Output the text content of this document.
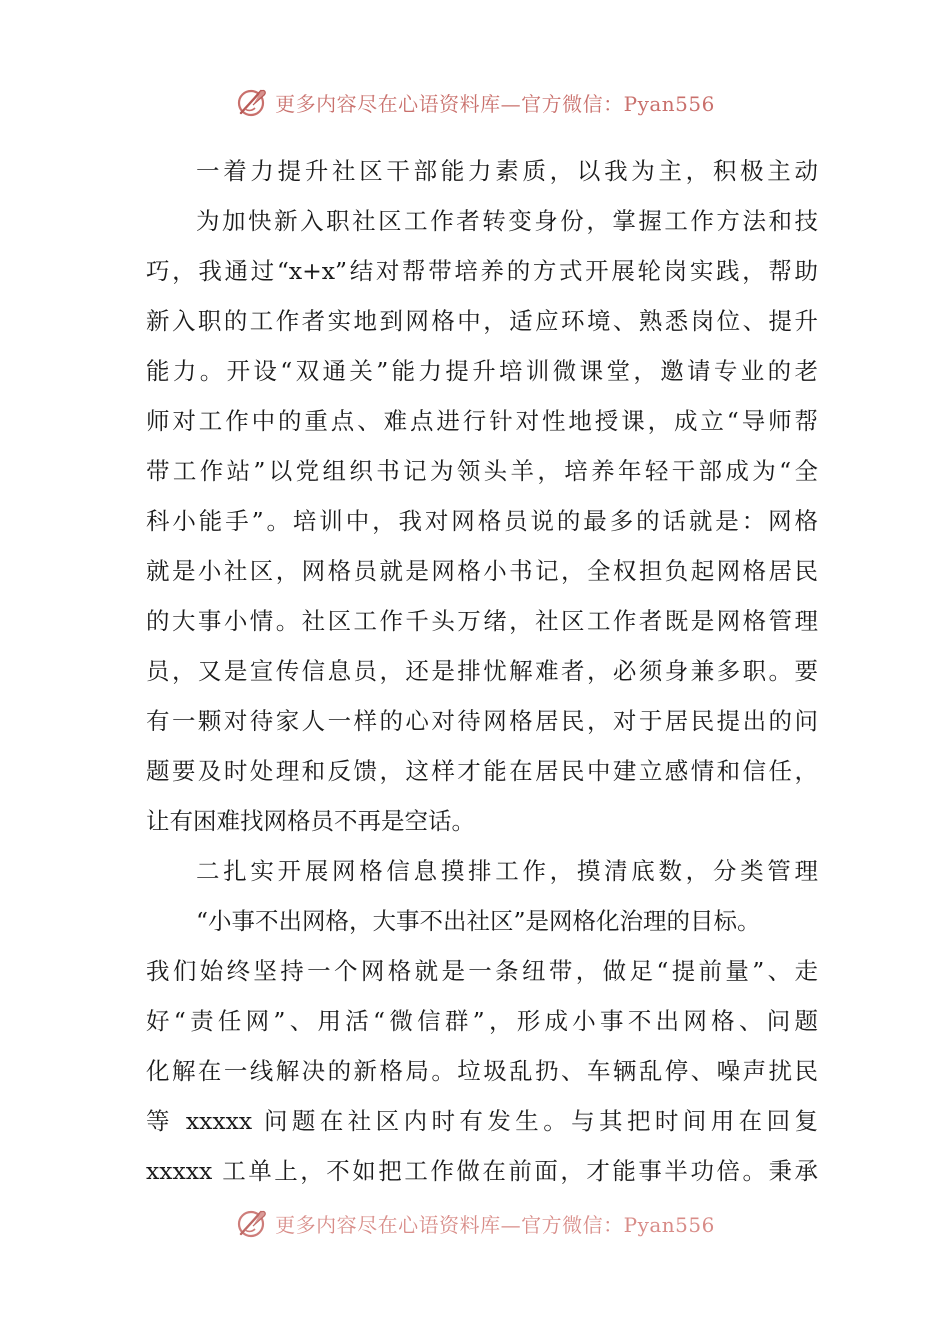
更多内容尽在心语资料库—官方微信：Pyan556
一着力提升社区干部能力素质，以我为主，积极主动
为加快新入职社区工作者转变身份，掌握工作方法和技
巧，我通过“x+x”结对帮带培养的方式开展轮岗实践，帮助
新入职的工作者实地到网格中，适应环境、熟悉岗位、提升
能力。开设“双通关”能力提升培训微课堂，邀请专业的老
师对工作中的重点、难点进行针对性地授课，成立“导师帮
带工作站”以党组织书记为领头羊，培养年轻干部成为“全
科小能手”。培训中，我对网格员说的最多的话就是：网格
就是小社区，网格员就是网格小书记，全权担负起网格居民
的大事小情。社区工作千头万绪，社区工作者既是网格管理
员，又是宣传信息员，还是排忧解难者，必须身兼多职。要
有一颗对待家人一样的心对待网格居民，对于居民提出的问
题要及时处理和反馈，这样才能在居民中建立感情和信任，
让有困难找网格员不再是空话。
二扎实开展网格信息摸排工作，摸清底数，分类管理
“小事不出网格，大事不出社区”是网格化治理的目标。
我们始终坚持一个网格就是一条纽带，做足“提前量”、走
好“责任网”、用活“微信群”，形成小事不出网格、问题
化解在一线解决的新格局。垃圾乱扔、车辆乱停、噪声扰民
等 xxxxx 问题在社区内时有发生。与其把时间用在回复
xxxxx 工单上，不如把工作做在前面，才能事半功倍。秉承
更多内容尽在心语资料库—官方微信：Pyan556
